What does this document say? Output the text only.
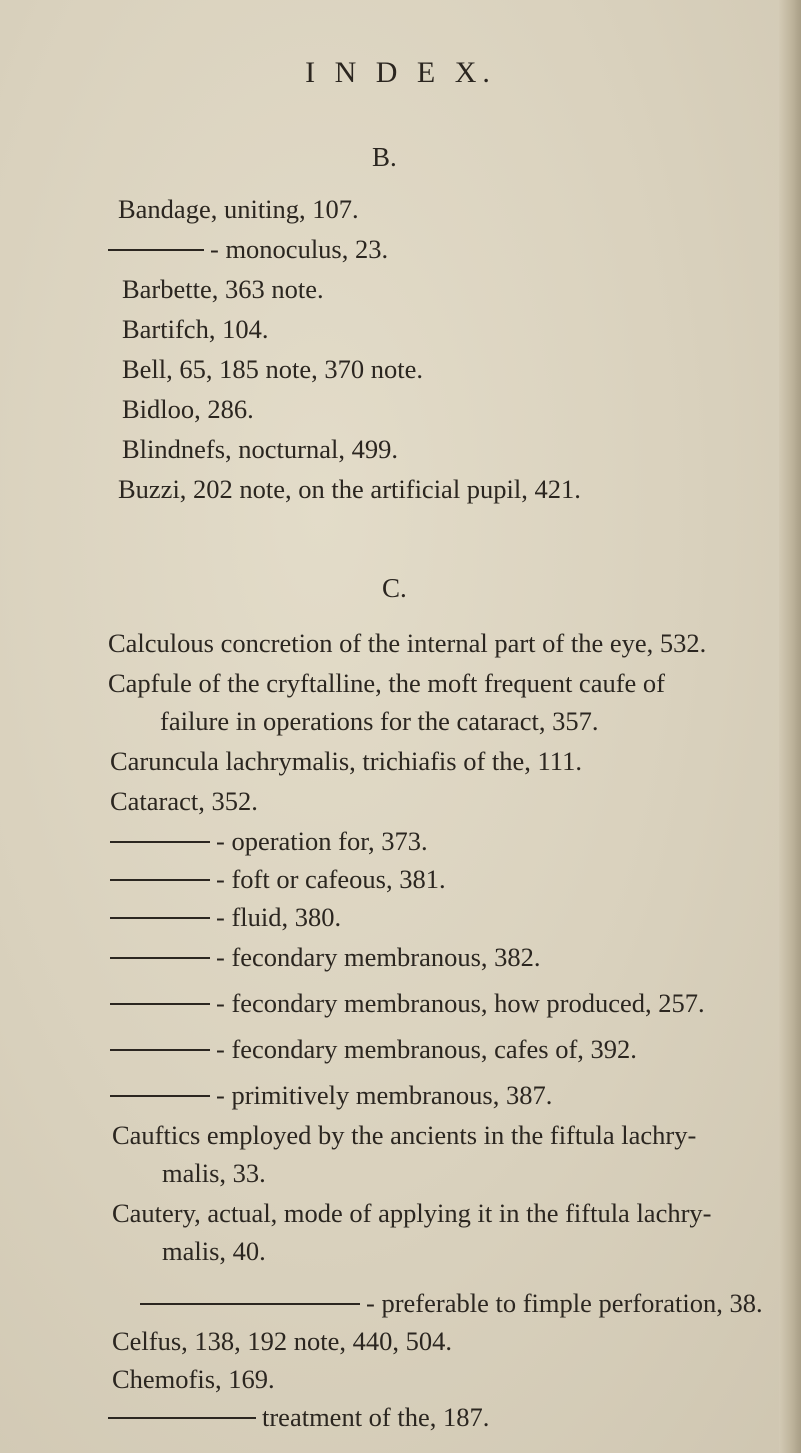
I N D E X.
B.
Bandage, uniting, 107.
- monoculus, 23.
Barbette, 363 note.
Bartifch, 104.
Bell, 65, 185 note, 370 note.
Bidloo, 286.
Blindnefs, nocturnal, 499.
Buzzi, 202 note, on the artificial pupil, 421.
C.
Calculous concretion of the internal part of the eye, 532.
Capfule of the cryftalline, the moft frequent caufe of
failure in operations for the cataract, 357.
Caruncula lachrymalis, trichiafis of the, 111.
Cataract, 352.
- operation for, 373.
- foft or cafeous, 381.
- fluid, 380.
- fecondary membranous, 382.
- fecondary membranous, how produced, 257.
- fecondary membranous, cafes of, 392.
- primitively membranous, 387.
Cauftics employed by the ancients in the fiftula lachry-
malis, 33.
Cautery, actual, mode of applying it in the fiftula lachry-
malis, 40.
- preferable to fimple perforation, 38.
Celfus, 138, 192 note, 440, 504.
Chemofis, 169.
treatment of the, 187.
